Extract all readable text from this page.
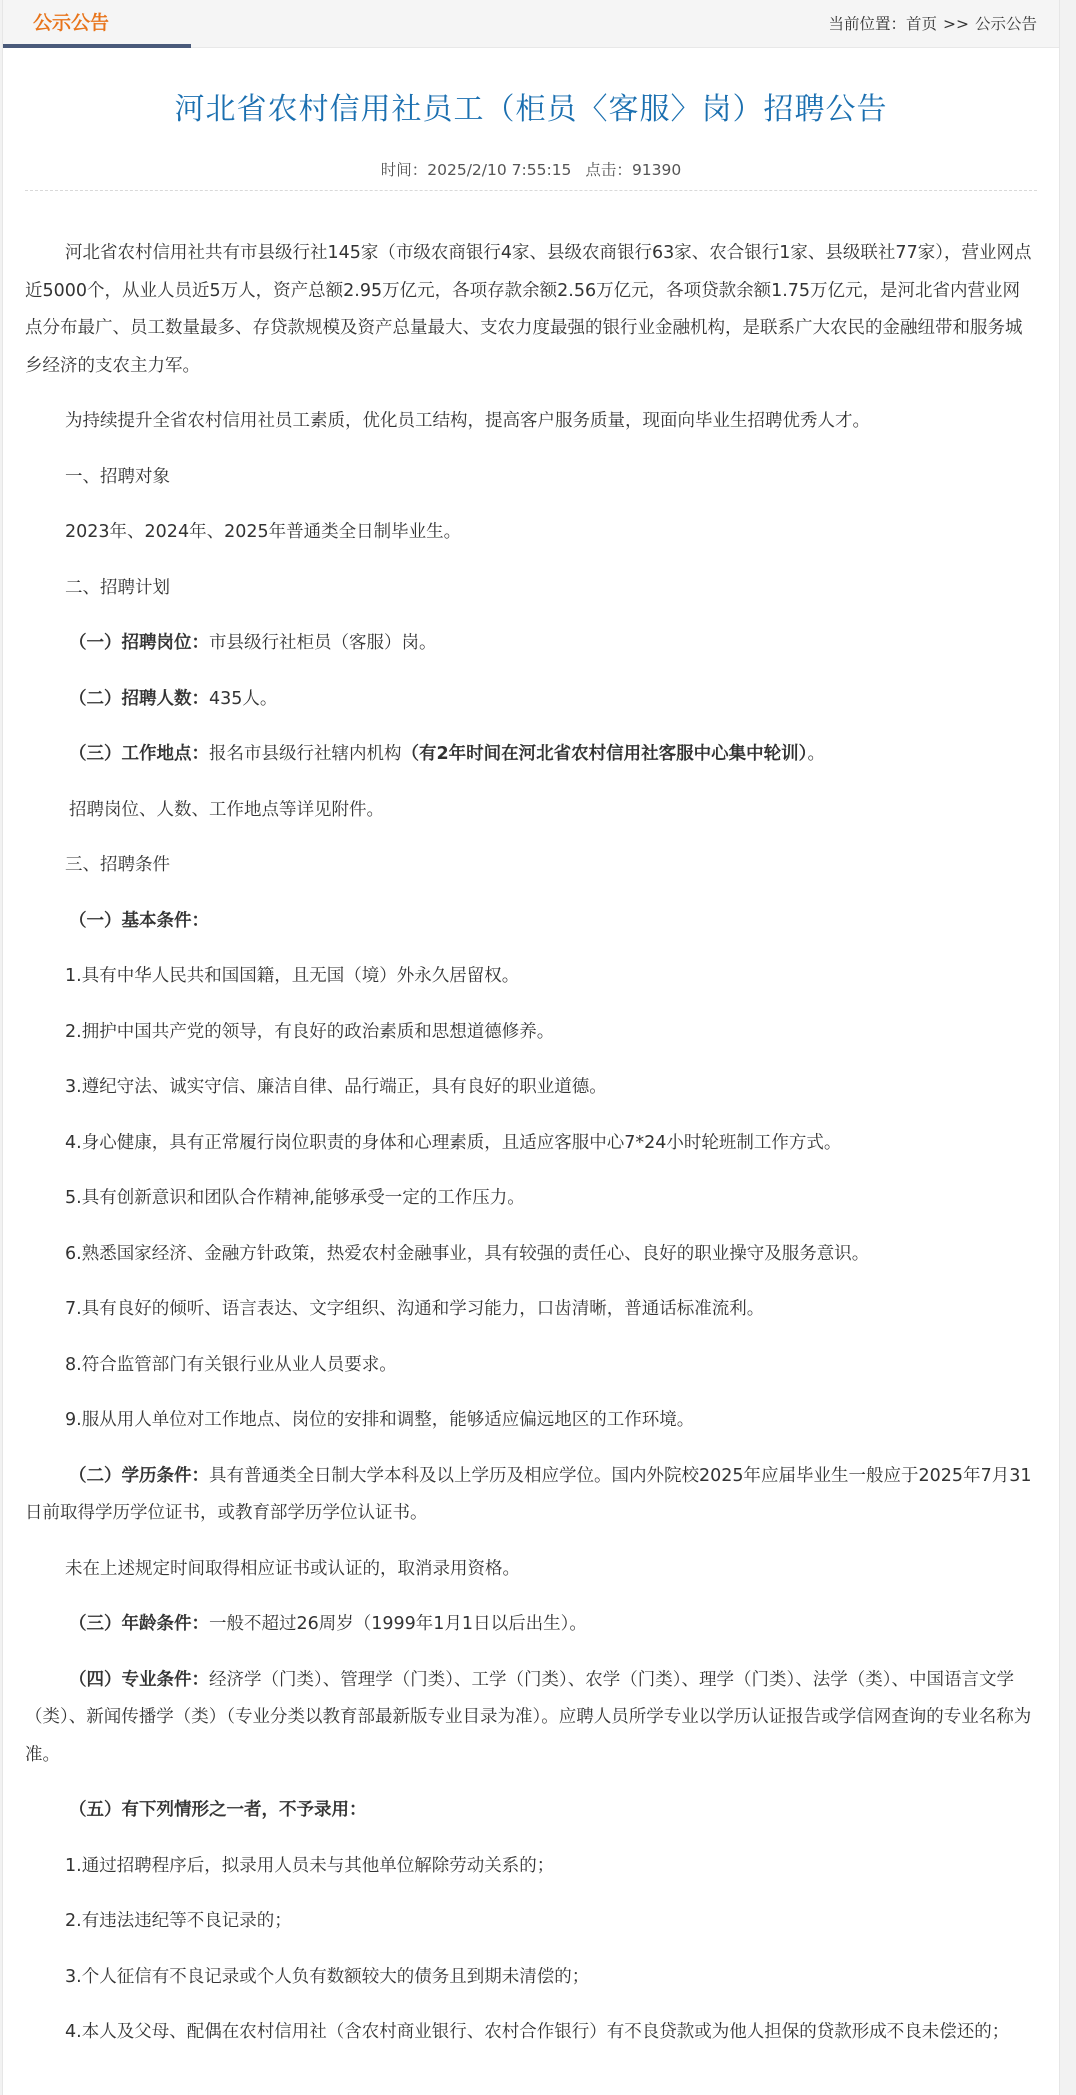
公示公告	当前位置：首页 >> 公示公告
河北省农村信用社员工（柜员〈客服〉岗）招聘公告
时间：2025/2/10 7:55:15 点击：91390

河北省农村信用社共有市县级行社145家（市级农商银行4家、县级农商银行63家、农合银行1家、县级联社77家），营业网点近5000个，从业人员近5万人，资产总额2.95万亿元，各项存款余额2.56万亿元，各项贷款余额1.75万亿元，是河北省内营业网点分布最广、员工数量最多、存贷款规模及资产总量最大、支农力度最强的银行业金融机构，是联系广大农民的金融纽带和服务城乡经济的支农主力军。

为持续提升全省农村信用社员工素质，优化员工结构，提高客户服务质量，现面向毕业生招聘优秀人才。

一、招聘对象

2023年、2024年、2025年普通类全日制毕业生。

二、招聘计划

（一）招聘岗位：市县级行社柜员（客服）岗。

（二）招聘人数：435人。

（三）工作地点：报名市县级行社辖内机构（有2年时间在河北省农村信用社客服中心集中轮训）。

招聘岗位、人数、工作地点等详见附件。

三、招聘条件

（一）基本条件：

1.具有中华人民共和国国籍，且无国（境）外永久居留权。

2.拥护中国共产党的领导，有良好的政治素质和思想道德修养。

3.遵纪守法、诚实守信、廉洁自律、品行端正，具有良好的职业道德。

4.身心健康，具有正常履行岗位职责的身体和心理素质，且适应客服中心7*24小时轮班制工作方式。

5.具有创新意识和团队合作精神,能够承受一定的工作压力。

6.熟悉国家经济、金融方针政策，热爱农村金融事业，具有较强的责任心、良好的职业操守及服务意识。

7.具有良好的倾听、语言表达、文字组织、沟通和学习能力，口齿清晰，普通话标准流利。

8.符合监管部门有关银行业从业人员要求。

9.服从用人单位对工作地点、岗位的安排和调整，能够适应偏远地区的工作环境。

（二）学历条件：具有普通类全日制大学本科及以上学历及相应学位。国内外院校2025年应届毕业生一般应于2025年7月31日前取得学历学位证书，或教育部学历学位认证书。

未在上述规定时间取得相应证书或认证的，取消录用资格。

（三）年龄条件：一般不超过26周岁（1999年1月1日以后出生）。

（四）专业条件：经济学（门类）、管理学（门类）、工学（门类）、农学（门类）、理学（门类）、法学（类）、中国语言文学（类）、新闻传播学（类）（专业分类以教育部最新版专业目录为准）。应聘人员所学专业以学历认证报告或学信网查询的专业名称为准。

（五）有下列情形之一者，不予录用：

1.通过招聘程序后，拟录用人员未与其他单位解除劳动关系的；

2.有违法违纪等不良记录的；

3.个人征信有不良记录或个人负有数额较大的债务且到期未清偿的；

4.本人及父母、配偶在农村信用社（含农村商业银行、农村合作银行）有不良贷款或为他人担保的贷款形成不良未偿还的；
